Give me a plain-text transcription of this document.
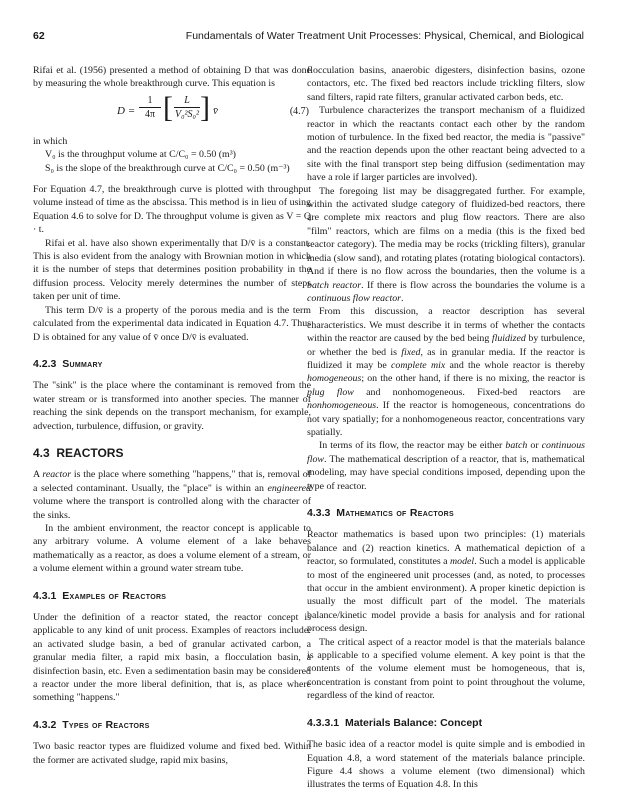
62	Fundamentals of Water Treatment Unit Processes: Physical, Chemical, and Biological

Rifai et al. (1956) presented a method of obtaining D that was done by measuring the whole breakthrough curve. This equation is

$D = \frac{1}{4\pi}$ [ $\frac{L}{\text{V₀²S₀²}}$ ] v̄	(4.7)

in which

V₀ is the throughput volume at C/C₀ = 0.50 (m³)
S₀ is the slope of the breakthrough curve at C/C₀ = 0.50 (m⁻³)

For Equation 4.7, the breakthrough curve is plotted with throughput volume instead of time as the abscissa. This method is in lieu of using Equation 4.6 to solve for D. The throughput volume is given as V = Q · t.

Rifai et al. have also shown experimentally that D/v̄ is a constant. This is also evident from the analogy with Brownian motion in which it is the number of steps that determines position probability in the diffusion process. Velocity merely determines the number of steps taken per unit of time.

This term D/v̄ is a property of the porous media and is the term calculated from the experimental data indicated in Equation 4.7. Thus D is obtained for any value of v̄ once D/v̄ is evaluated.

4.2.3 Summary

The "sink" is the place where the contaminant is removed from the water stream or is transformed into another species. The manner of reaching the sink depends on the transport mechanism, for example, advection, turbulence, diffusion, or gravity.

4.3 REACTORS

A reactor is the place where something "happens," that is, removal of a selected contaminant. Usually, the "place" is within an engineered volume where the transport is controlled along with the character of the sinks.

In the ambient environment, the reactor concept is applicable to any arbitrary volume. A volume element of a lake behaves mathematically as a reactor, as does a volume element of a stream, or a volume element within a ground water stream tube.

4.3.1 Examples of Reactors

Under the definition of a reactor stated, the reactor concept is applicable to any kind of unit process. Examples of reactors include: an activated sludge basin, a bed of granular activated carbon, a granular media filter, a rapid mix basin, a flocculation basin, a disinfection basin, etc. Even a sedimentation basin may be considered a reactor under the more liberal definition, that is, as place where something "happens."

4.3.2 Types of Reactors

Two basic reactor types are fluidized volume and fixed bed. Within the former are activated sludge, rapid mix basins,

flocculation basins, anaerobic digesters, disinfection basins, ozone contactors, etc. The fixed bed reactors include trickling filters, slow sand filters, rapid rate filters, granular activated carbon beds, etc.

Turbulence characterizes the transport mechanism of a fluidized reactor in which the reactants contact each other by the random motion of turbulence. In the fixed bed reactor, the media is "passive" and the reaction depends upon the other reactant being advected to a site with the final transport step being diffusion (sedimentation may have a role if larger particles are involved).

The foregoing list may be disaggregated further. For example, within the activated sludge category of fluidized-bed reactors, there are complete mix reactors and plug flow reactors. There are also "film" reactors, which are films on a media (this is the fixed bed reactor category). The media may be rocks (trickling filters), granular media (slow sand), and rotating plates (rotating biological contactors). And if there is no flow across the boundaries, then the volume is a batch reactor. If there is flow across the boundaries the volume is a continuous flow reactor.

From this discussion, a reactor description has several characteristics. We must describe it in terms of whether the contacts within the reactor are caused by the bed being fluidized by turbulence, or whether the bed is fixed, as in granular media. If the reactor is fluidized it may be complete mix and the whole reactor is thereby homogeneous; on the other hand, if there is no mixing, the reactor is plug flow and nonhomogeneous. Fixed-bed reactors are nonhomogeneous. If the reactor is homogeneous, concentrations do not vary spatially; for a nonhomogeneous reactor, concentrations vary spatially.

In terms of its flow, the reactor may be either batch or continuous flow. The mathematical description of a reactor, that is, mathematical modeling, may have special conditions imposed, depending upon the type of reactor.

4.3.3 Mathematics of Reactors

Reactor mathematics is based upon two principles: (1) materials balance and (2) reaction kinetics. A mathematical depiction of a reactor, so formulated, constitutes a model. Such a model is applicable to most of the engineered unit processes (and, as noted, to processes that occur in the ambient environment). A proper kinetic depiction is usually the most difficult part of the model. The materials balance/kinetic model provide a basis for analysis and for rational process design.

The critical aspect of a reactor model is that the materials balance is applicable to a specified volume element. A key point is that the contents of the volume element must be homogeneous, that is, concentration is constant from point to point throughout the volume, regardless of the kind of reactor.

4.3.3.1 Materials Balance: Concept

The basic idea of a reactor model is quite simple and is embodied in Equation 4.8, a word statement of the materials balance principle. Figure 4.4 shows a volume element (two dimensional) which illustrates the terms of Equation 4.8. In this
